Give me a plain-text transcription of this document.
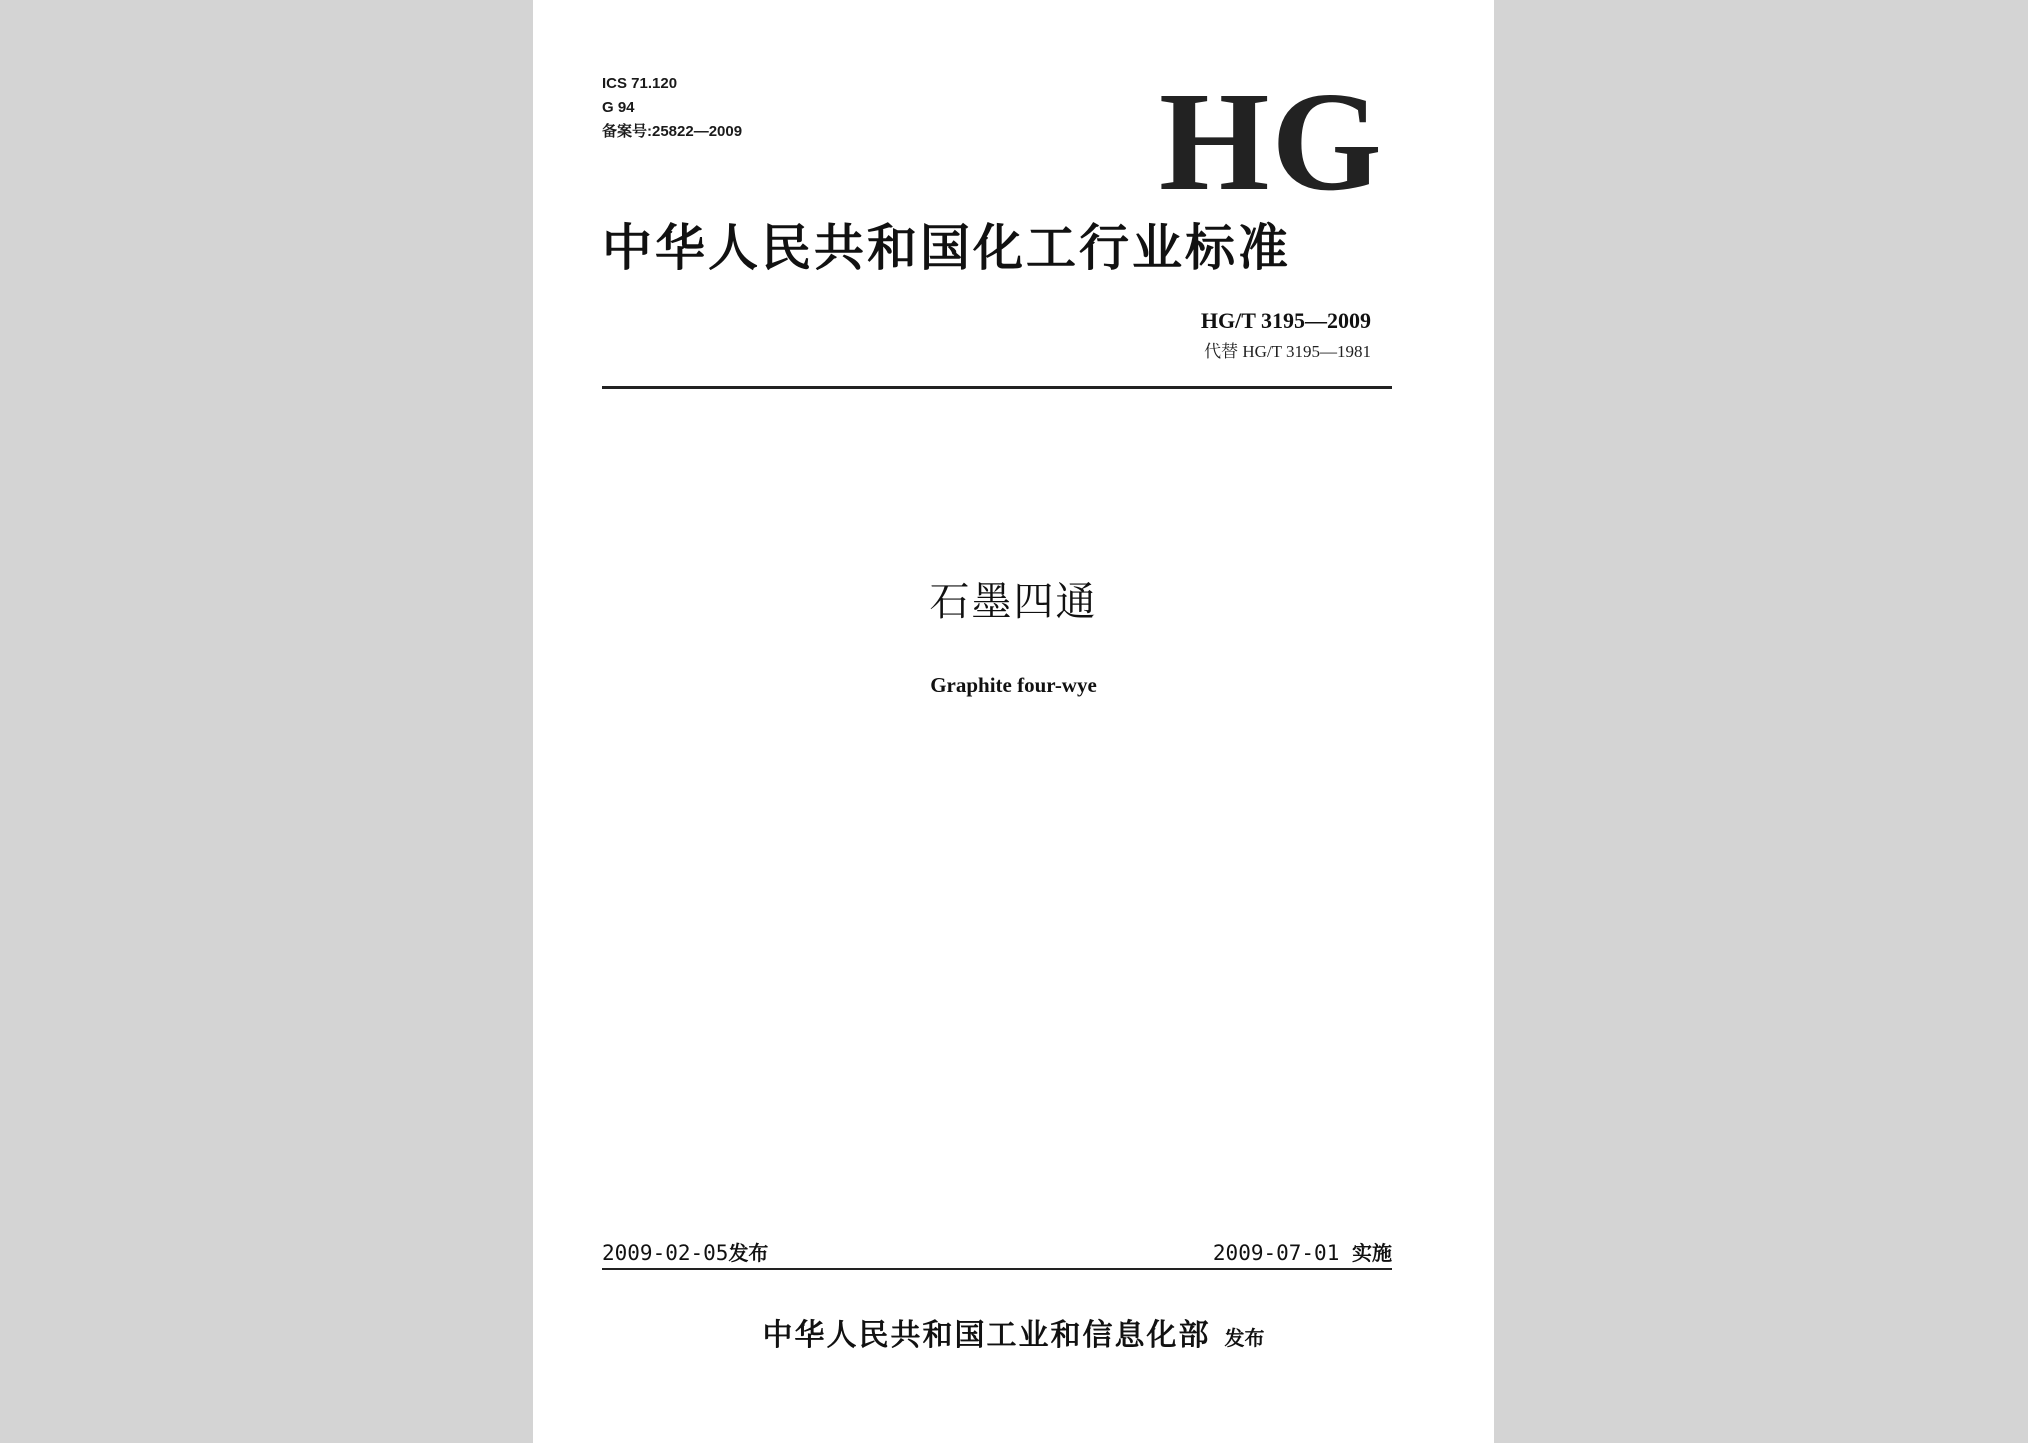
ICS 71.120
G 94
备案号:25822—2009	HG
中华人民共和国化工行业标准
HG/T 3195—2009
代替 HG/T 3195—1981
石墨四通
Graphite four-wye
2009-02-05发布	2009-07-01 实施
中华人民共和国工业和信息化部 发布
